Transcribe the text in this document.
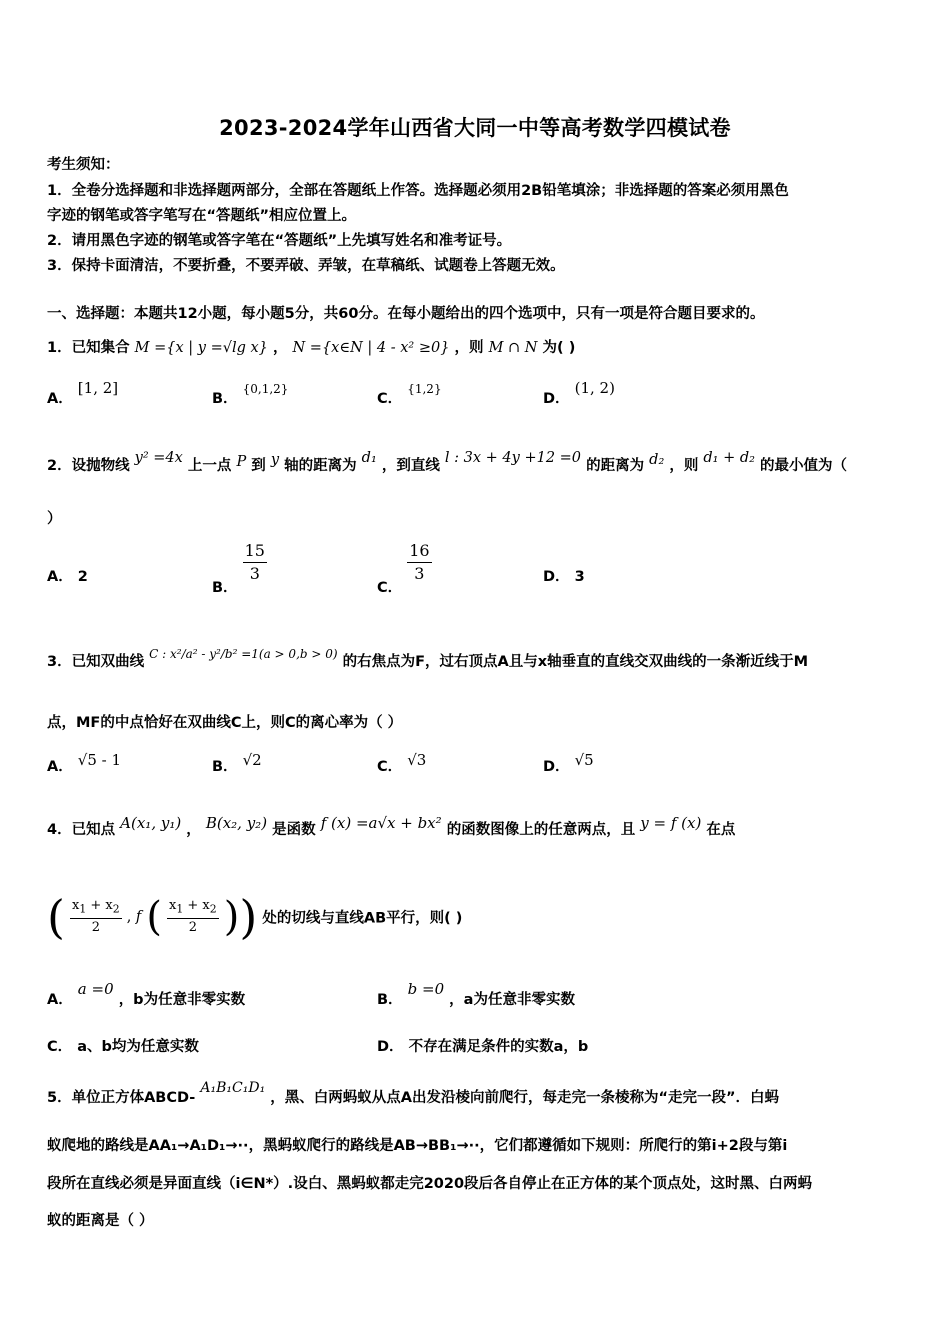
2023-2024学年山西省大同一中等高考数学四模试卷
考生须知：
1．全卷分选择题和非选择题两部分，全部在答题纸上作答。选择题必须用2B铅笔填涂；非选择题的答案必须用黑色
字迹的钢笔或答字笔写在“答题纸”相应位置上。
2．请用黑色字迹的钢笔或答字笔在“答题纸”上先填写姓名和准考证号。
3．保持卡面清洁，不要折叠，不要弄破、弄皱，在草稿纸、试题卷上答题无效。
一、选择题：本题共12小题，每小题5分，共60分。在每小题给出的四个选项中，只有一项是符合题目要求的。
1．已知集合 M ={x | y =√lg x} ， N ={x∈N | 4 - x² ≥0} ，则 M ∩ N 为( )
A． [1, 2]
B． $^{\{0,1,2\}}$
C． $^{\{1,2\}}$
D． (1, 2)
2．设抛物线 y² =4x 上一点 P 到 y 轴的距离为 d₁ ，到直线 l : 3x + 4y +12 =0 的距离为 d₂ ，则 d₁ + d₂ 的最小值为（
）
A． 2
B．
$\frac{15}{3}$
C．
$\frac{16}{3}$	D． 3
3．已知双曲线 $^{C : x^2/a^2 - y^2/b^2 =1(a > 0,b > 0)}$ 的右焦点为F，过右顶点A且与x轴垂直的直线交双曲线的一条渐近线于M
点，MF的中点恰好在双曲线C上，则C的离心率为（ ）
A． √5 - 1	B． √2	C． √3	D． √5
4．已知点 A(x₁, y₁) ， B(x₂, y₂) 是函数 f (x) =a√x + bx² 的函数图像上的任意两点，且 y = f (x) 在点
( $\frac{x_1 + x_2}{2}$ , f ( $\frac{x_1 + x_2}{2}$ )) 处的切线与直线AB平行，则( )
A． a =0 ，b为任意非零实数	B． b =0 ，a为任意非零实数
C． a、b均为任意实数	D． 不存在满足条件的实数a，b
5．单位正方体ABCD- A₁B₁C₁D₁ ，黑、白两蚂蚁从点A出发沿棱向前爬行，每走完一条棱称为“走完一段”．白蚂
蚁爬地的路线是AA₁→A₁D₁→··，黑蚂蚁爬行的路线是AB→BB₁→··，它们都遵循如下规则：所爬行的第i+2段与第i
段所在直线必须是异面直线（i∈N*）.设白、黑蚂蚁都走完2020段后各自停止在正方体的某个顶点处，这时黑、白两蚂
蚁的距离是（ ）
